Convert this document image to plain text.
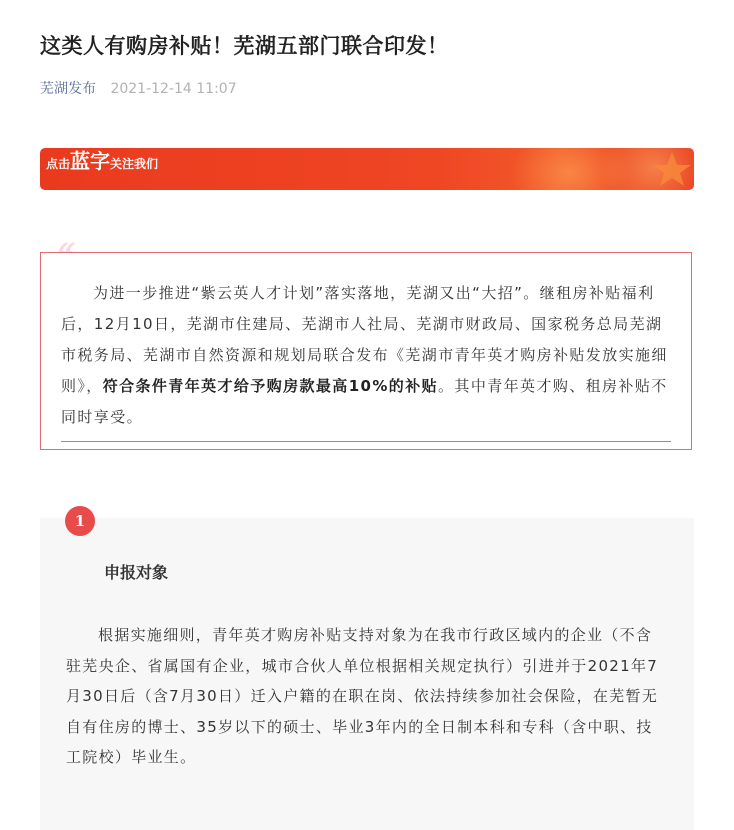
这类人有购房补贴！芜湖五部门联合印发！
芜湖发布 2021-12-14 11:07
点击蓝字关注我们

为进一步推进“紫云英人才计划”落实落地，芜湖又出“大招”。继租房补贴福利后，12月10日，芜湖市住建局、芜湖市人社局、芜湖市财政局、国家税务总局芜湖市税务局、芜湖市自然资源和规划局联合发布《芜湖市青年英才购房补贴发放实施细则》，符合条件青年英才给予购房款最高10%的补贴。其中青年英才购、租房补贴不同时享受。

1
申报对象

根据实施细则，青年英才购房补贴支持对象为在我市行政区域内的企业（不含驻芜央企、省属国有企业，城市合伙人单位根据相关规定执行）引进并于2021年7月30日后（含7月30日）迁入户籍的在职在岗、依法持续参加社会保险，在芜暂无自有住房的博士、35岁以下的硕士、毕业3年内的全日制本科和专科（含中职、技工院校）毕业生。
